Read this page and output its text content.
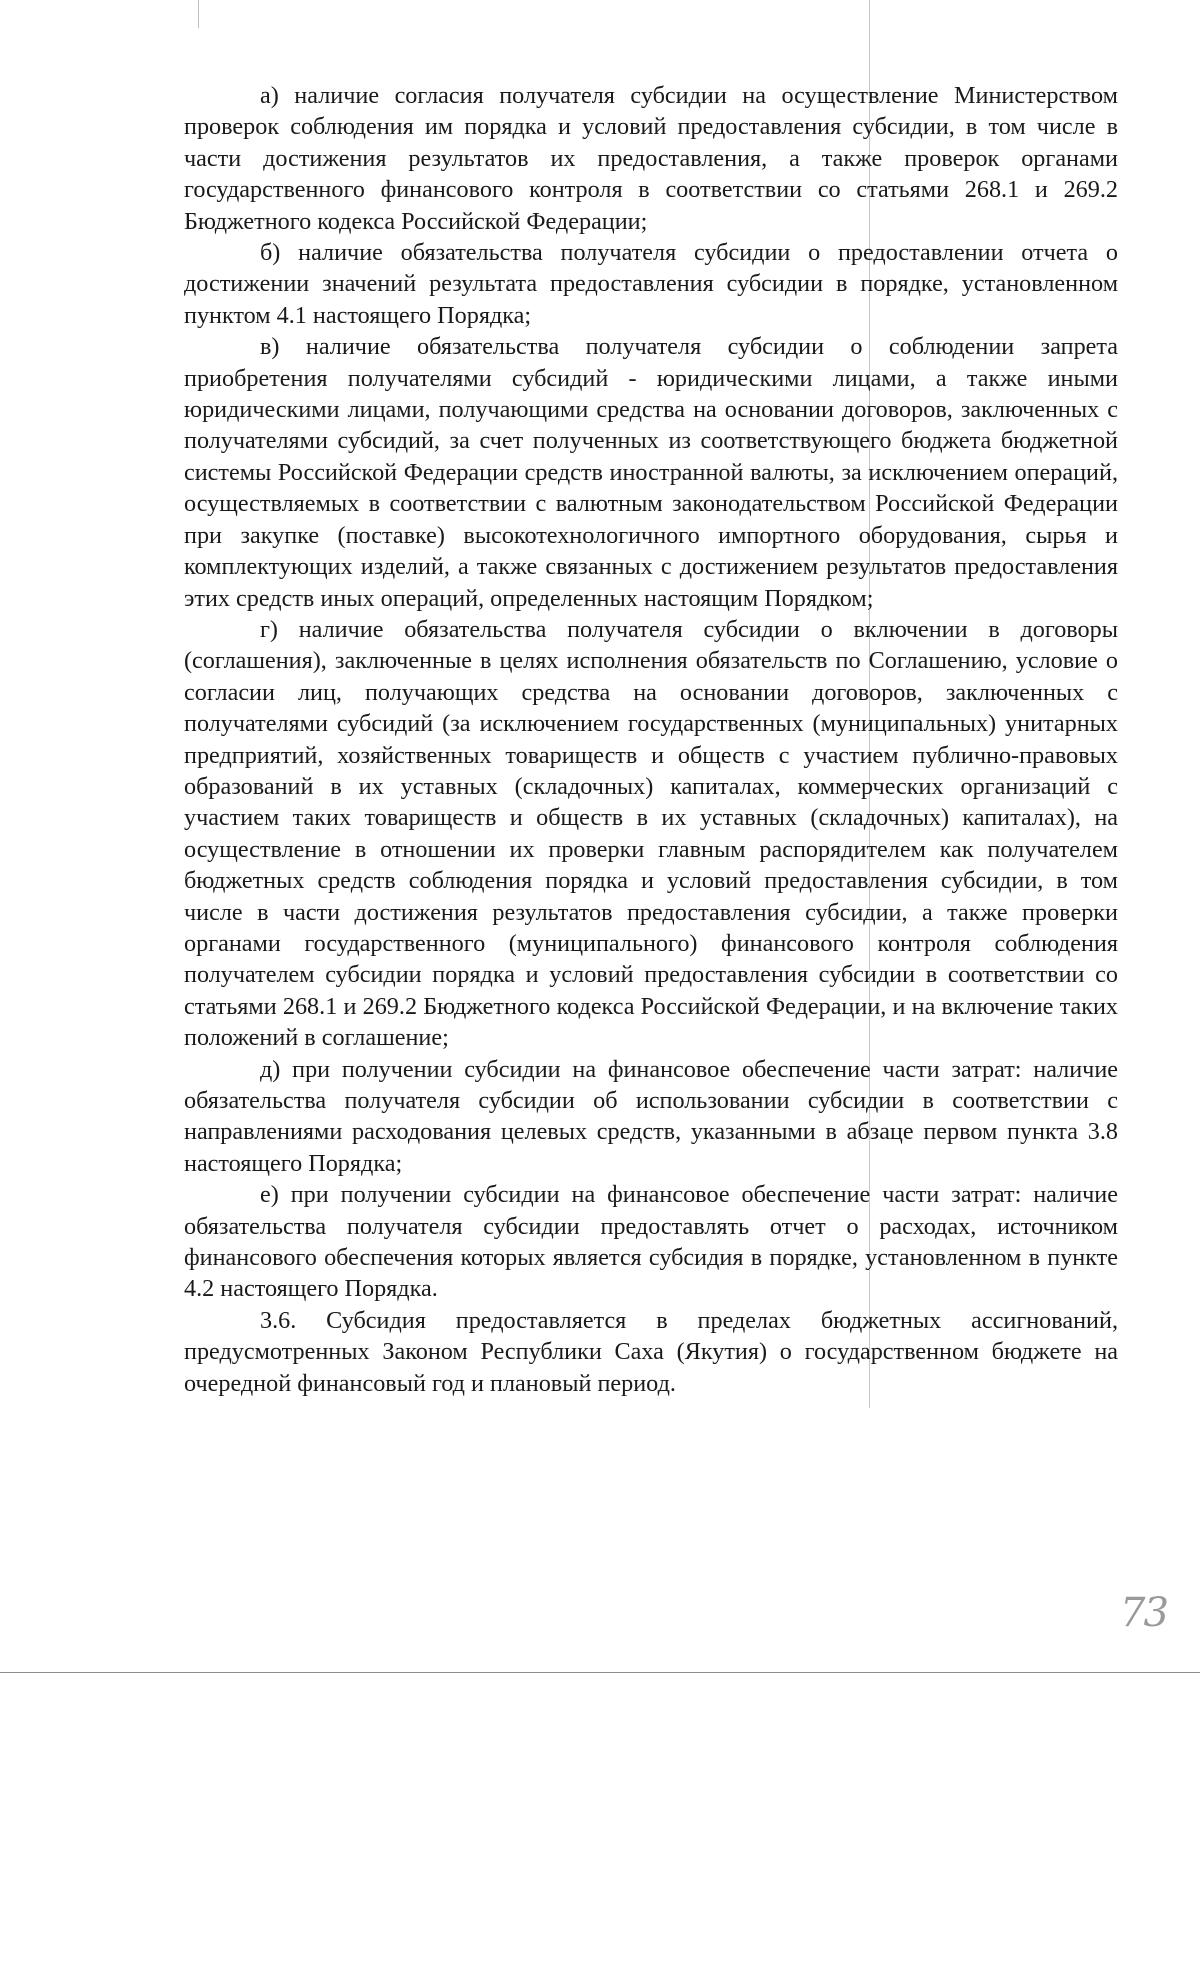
а) наличие согласия получателя субсидии на осуществление Министерством проверок соблюдения им порядка и условий предоставления субсидии, в том числе в части достижения результатов их предоставления, а также проверок органами государственного финансового контроля в соответствии со статьями 268.1 и 269.2 Бюджетного кодекса Российской Федерации;

б) наличие обязательства получателя субсидии о предоставлении отчета о достижении значений результата предоставления субсидии в порядке, установленном пунктом 4.1 настоящего Порядка;

в) наличие обязательства получателя субсидии о соблюдении запрета приобретения получателями субсидий - юридическими лицами, а также иными юридическими лицами, получающими средства на основании договоров, заключенных с получателями субсидий, за счет полученных из соответствующего бюджета бюджетной системы Российской Федерации средств иностранной валюты, за исключением операций, осуществляемых в соответствии с валютным законодательством Российской Федерации при закупке (поставке) высокотехнологичного импортного оборудования, сырья и комплектующих изделий, а также связанных с достижением результатов предоставления этих средств иных операций, определенных настоящим Порядком;

г) наличие обязательства получателя субсидии о включении в договоры (соглашения), заключенные в целях исполнения обязательств по Соглашению, условие о согласии лиц, получающих средства на основании договоров, заключенных с получателями субсидий (за исключением государственных (муниципальных) унитарных предприятий, хозяйственных товариществ и обществ с участием публично-правовых образований в их уставных (складочных) капиталах, коммерческих организаций с участием таких товариществ и обществ в их уставных (складочных) капиталах), на осуществление в отношении их проверки главным распорядителем как получателем бюджетных средств соблюдения порядка и условий предоставления субсидии, в том числе в части достижения результатов предоставления субсидии, а также проверки органами государственного (муниципального) финансового контроля соблюдения получателем субсидии порядка и условий предоставления субсидии в соответствии со статьями 268.1 и 269.2 Бюджетного кодекса Российской Федерации, и на включение таких положений в соглашение;

д) при получении субсидии на финансовое обеспечение части затрат: наличие обязательства получателя субсидии об использовании субсидии в соответствии с направлениями расходования целевых средств, указанными в абзаце первом пункта 3.8 настоящего Порядка;

е) при получении субсидии на финансовое обеспечение части затрат: наличие обязательства получателя субсидии предоставлять отчет о расходах, источником финансового обеспечения которых является субсидия в порядке, установленном в пункте 4.2 настоящего Порядка.

3.6. Субсидия предоставляется в пределах бюджетных ассигнований, предусмотренных Законом Республики Саха (Якутия) о государственном бюджете на очередной финансовый год и плановый период.

73
